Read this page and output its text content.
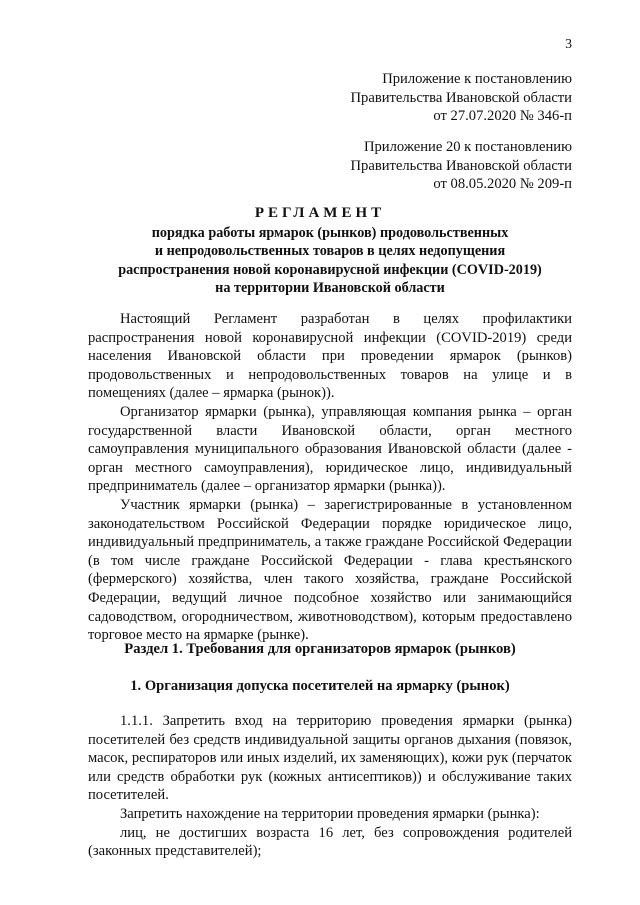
3
Приложение к постановлению
Правительства Ивановской области
от 27.07.2020 № 346-п
Приложение 20 к постановлению
Правительства Ивановской области
от 08.05.2020 № 209-п
РЕГЛАМЕНТ
порядка работы ярмарок (рынков) продовольственных
и непродовольственных товаров в целях недопущения
распространения новой коронавирусной инфекции (COVID-2019)
на территории Ивановской области

Настоящий Регламент разработан в целях профилактики распространения новой коронавирусной инфекции (COVID-2019) среди населения Ивановской области при проведении ярмарок (рынков) продовольственных и непродовольственных товаров на улице и в помещениях (далее – ярмарка (рынок)).

Организатор ярмарки (рынка), управляющая компания рынка – орган государственной власти Ивановской области, орган местного самоуправления муниципального образования Ивановской области (далее - орган местного самоуправления), юридическое лицо, индивидуальный предприниматель (далее – организатор ярмарки (рынка)).

Участник ярмарки (рынка) – зарегистрированные в установленном законодательством Российской Федерации порядке юридическое лицо, индивидуальный предприниматель, а также граждане Российской Федерации (в том числе граждане Российской Федерации - глава крестьянского (фермерского) хозяйства, член такого хозяйства, граждане Российской Федерации, ведущий личное подсобное хозяйство или занимающийся садоводством, огородничеством, животноводством), которым предоставлено торговое место на ярмарке (рынке).

Раздел 1. Требования для организаторов ярмарок (рынков)
1. Организация допуска посетителей на ярмарку (рынок)

1.1.1. Запретить вход на территорию проведения ярмарки (рынка) посетителей без средств индивидуальной защиты органов дыхания (повязок, масок, респираторов или иных изделий, их заменяющих), кожи рук (перчаток или средств обработки рук (кожных антисептиков)) и обслуживание таких посетителей.

Запретить нахождение на территории проведения ярмарки (рынка):

лиц, не достигших возраста 16 лет, без сопровождения родителей (законных представителей);
